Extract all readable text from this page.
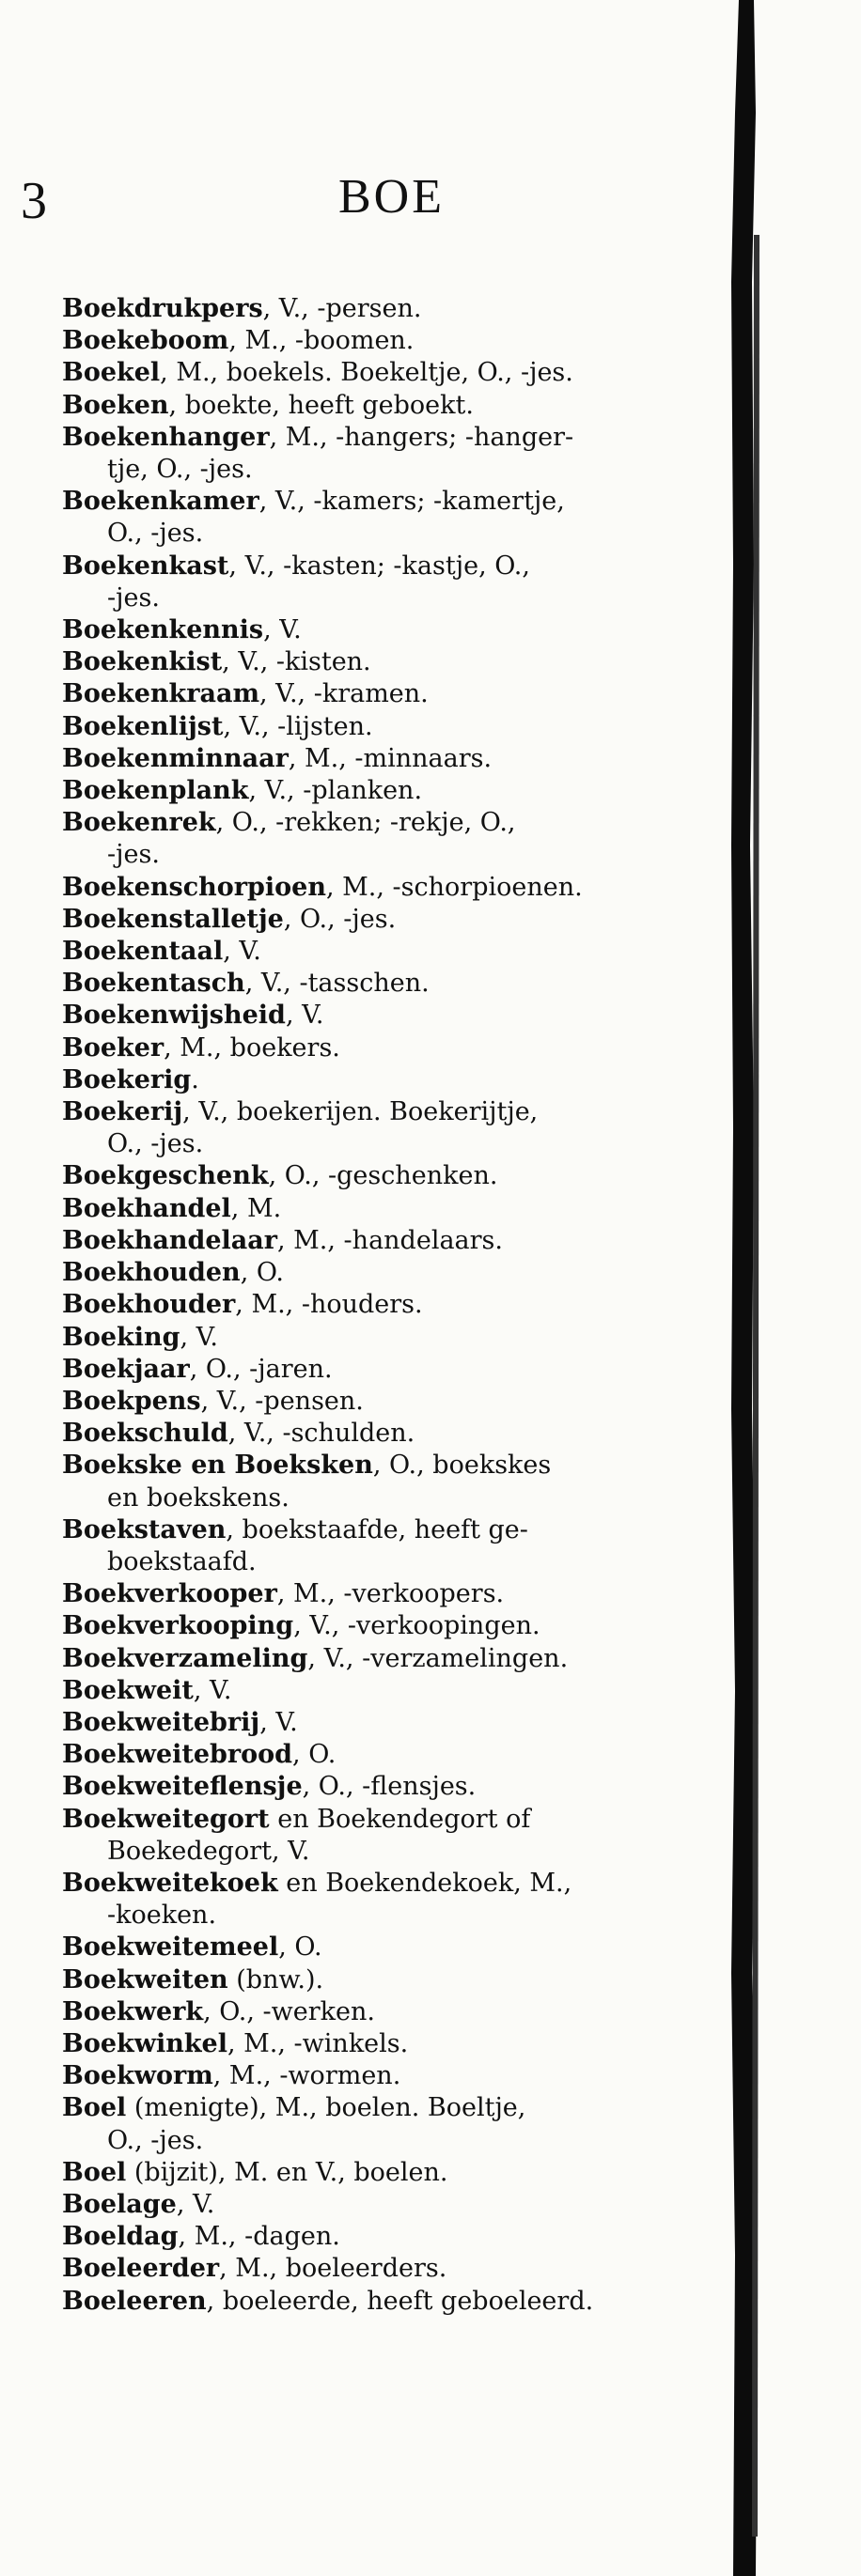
3	BOE
Boekdrukpers, V., -persen.
Boekeboom, M., -boomen.
Boekel, M., boekels. Boekeltje, O., -jes.
Boeken, boekte, heeft geboekt.
Boekenhanger, M., -hangers; -hanger-
tje, O., -jes.
Boekenkamer, V., -kamers; -kamertje,
O., -jes.
Boekenkast, V., -kasten; -kastje, O.,
-jes.
Boekenkennis, V.
Boekenkist, V., -kisten.
Boekenkraam, V., -kramen.
Boekenlijst, V., -lijsten.
Boekenminnaar, M., -minnaars.
Boekenplank, V., -planken.
Boekenrek, O., -rekken; -rekje, O.,
-jes.
Boekenschorpioen, M., -schorpioenen.
Boekenstalletje, O., -jes.
Boekentaal, V.
Boekentasch, V., -tasschen.
Boekenwijsheid, V.
Boeker, M., boekers.
Boekerig.
Boekerij, V., boekerijen. Boekerijtje,
O., -jes.
Boekgeschenk, O., -geschenken.
Boekhandel, M.
Boekhandelaar, M., -handelaars.
Boekhouden, O.
Boekhouder, M., -houders.
Boeking, V.
Boekjaar, O., -jaren.
Boekpens, V., -pensen.
Boekschuld, V., -schulden.
Boekske en Boeksken, O., boekskes
en boekskens.
Boekstaven, boekstaafde, heeft ge-
boekstaafd.
Boekverkooper, M., -verkoopers.
Boekverkooping, V., -verkoopingen.
Boekverzameling, V., -verzamelingen.
Boekweit, V.
Boekweitebrij, V.
Boekweitebrood, O.
Boekweiteflensje, O., -flensjes.
Boekweitegort en Boekendegort of
Boekedegort, V.
Boekweitekoek en Boekendekoek, M.,
-koeken.
Boekweitemeel, O.
Boekweiten (bnw.).
Boekwerk, O., -werken.
Boekwinkel, M., -winkels.
Boekworm, M., -wormen.
Boel (menigte), M., boelen. Boeltje,
O., -jes.
Boel (bijzit), M. en V., boelen.
Boelage, V.
Boeldag, M., -dagen.
Boeleerder, M., boeleerders.
Boeleeren, boeleerde, heeft geboeleerd.
